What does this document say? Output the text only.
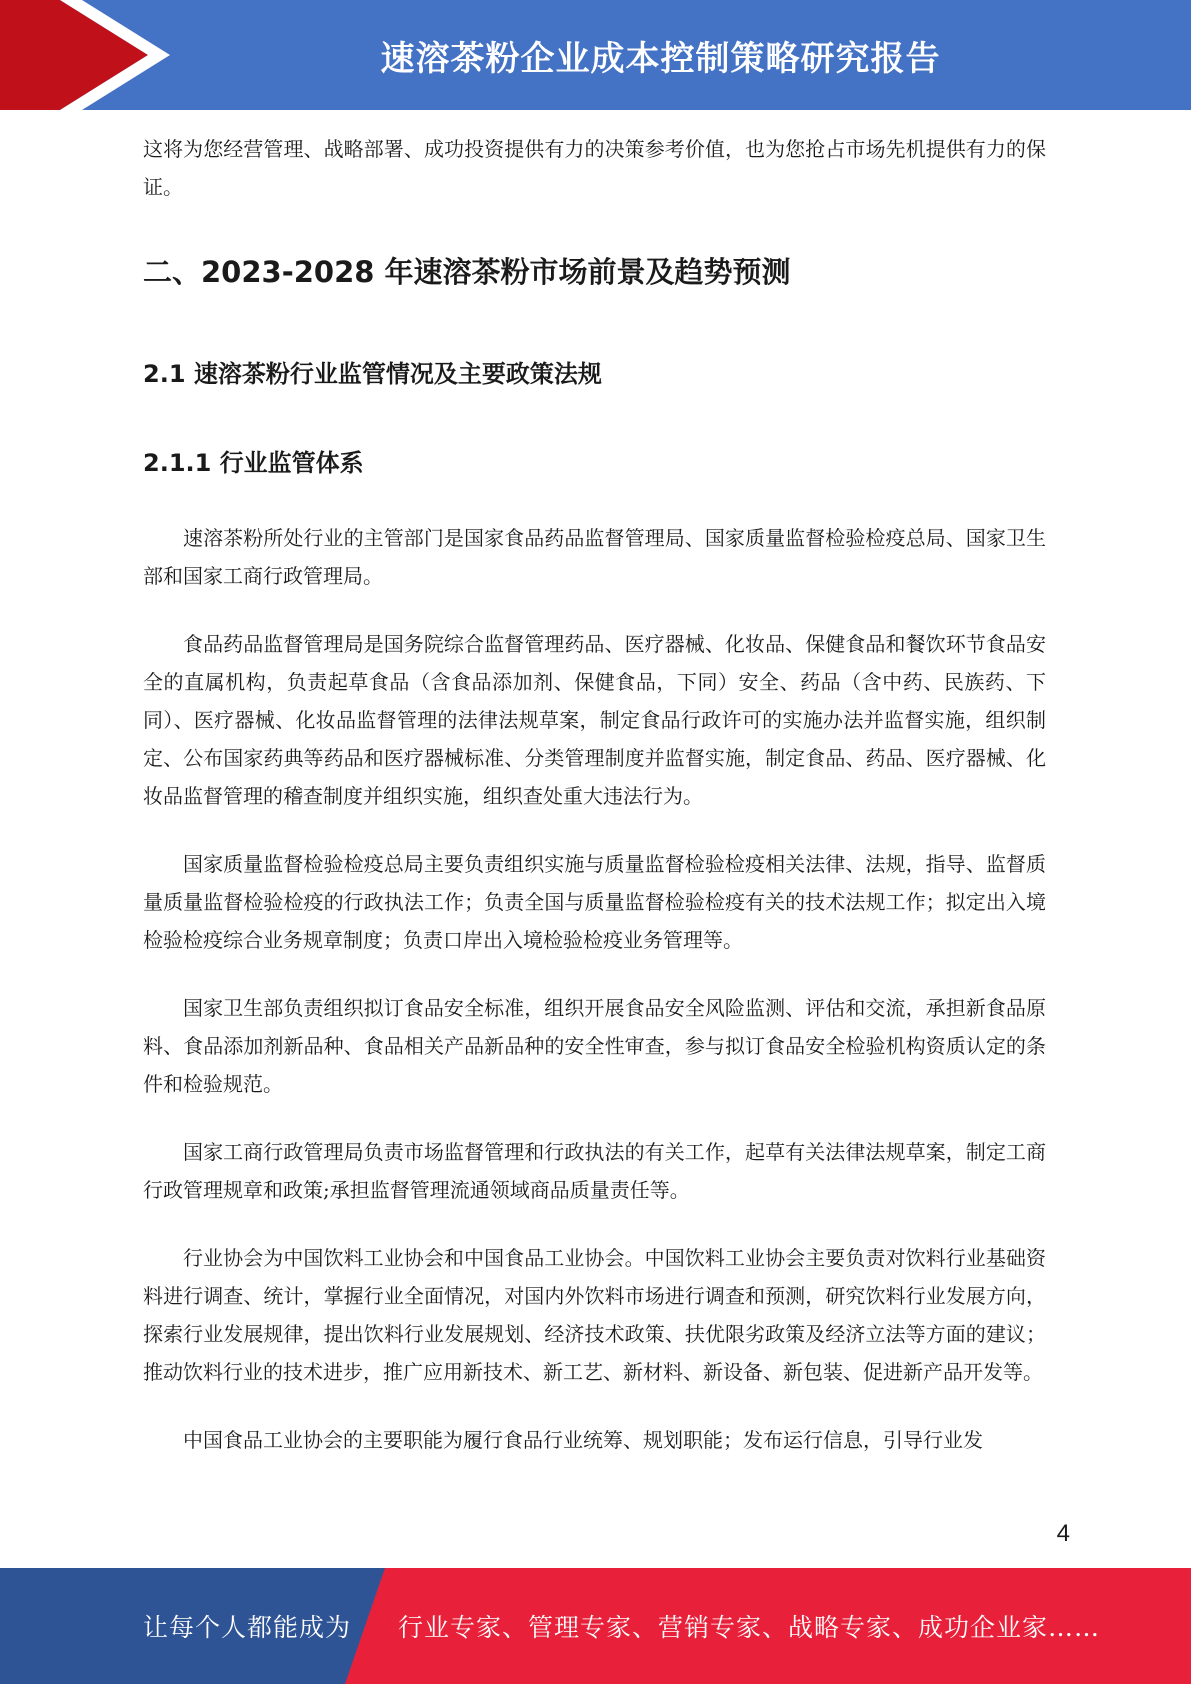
速溶茶粉企业成本控制策略研究报告

这将为您经营管理、战略部署、成功投资提供有力的决策参考价值，也为您抢占市场先机提供有力的保证。

二、2023-2028 年速溶茶粉市场前景及趋势预测
2.1 速溶茶粉行业监管情况及主要政策法规
2.1.1 行业监管体系

速溶茶粉所处行业的主管部门是国家食品药品监督管理局、国家质量监督检验检疫总局、国家卫生部和国家工商行政管理局。

食品药品监督管理局是国务院综合监督管理药品、医疗器械、化妆品、保健食品和餐饮环节食品安全的直属机构，负责起草食品（含食品添加剂、保健食品，下同）安全、药品（含中药、民族药、下同）、医疗器械、化妆品监督管理的法律法规草案，制定食品行政许可的实施办法并监督实施，组织制定、公布国家药典等药品和医疗器械标准、分类管理制度并监督实施，制定食品、药品、医疗器械、化妆品监督管理的稽查制度并组织实施，组织查处重大违法行为。

国家质量监督检验检疫总局主要负责组织实施与质量监督检验检疫相关法律、法规，指导、监督质量质量监督检验检疫的行政执法工作；负责全国与质量监督检验检疫有关的技术法规工作；拟定出入境检验检疫综合业务规章制度；负责口岸出入境检验检疫业务管理等。

国家卫生部负责组织拟订食品安全标准，组织开展食品安全风险监测、评估和交流，承担新食品原料、食品添加剂新品种、食品相关产品新品种的安全性审查，参与拟订食品安全检验机构资质认定的条件和检验规范。

国家工商行政管理局负责市场监督管理和行政执法的有关工作，起草有关法律法规草案，制定工商行政管理规章和政策;承担监督管理流通领域商品质量责任等。

行业协会为中国饮料工业协会和中国食品工业协会。中国饮料工业协会主要负责对饮料行业基础资料进行调查、统计，掌握行业全面情况，对国内外饮料市场进行调查和预测，研究饮料行业发展方向，探索行业发展规律，提出饮料行业发展规划、经济技术政策、扶优限劣政策及经济立法等方面的建议；推动饮料行业的技术进步，推广应用新技术、新工艺、新材料、新设备、新包装、促进新产品开发等。

中国食品工业协会的主要职能为履行食品行业统筹、规划职能；发布运行信息，引导行业发

4
让每个人都能成为 行业专家、管理专家、营销专家、战略专家、成功企业家……
